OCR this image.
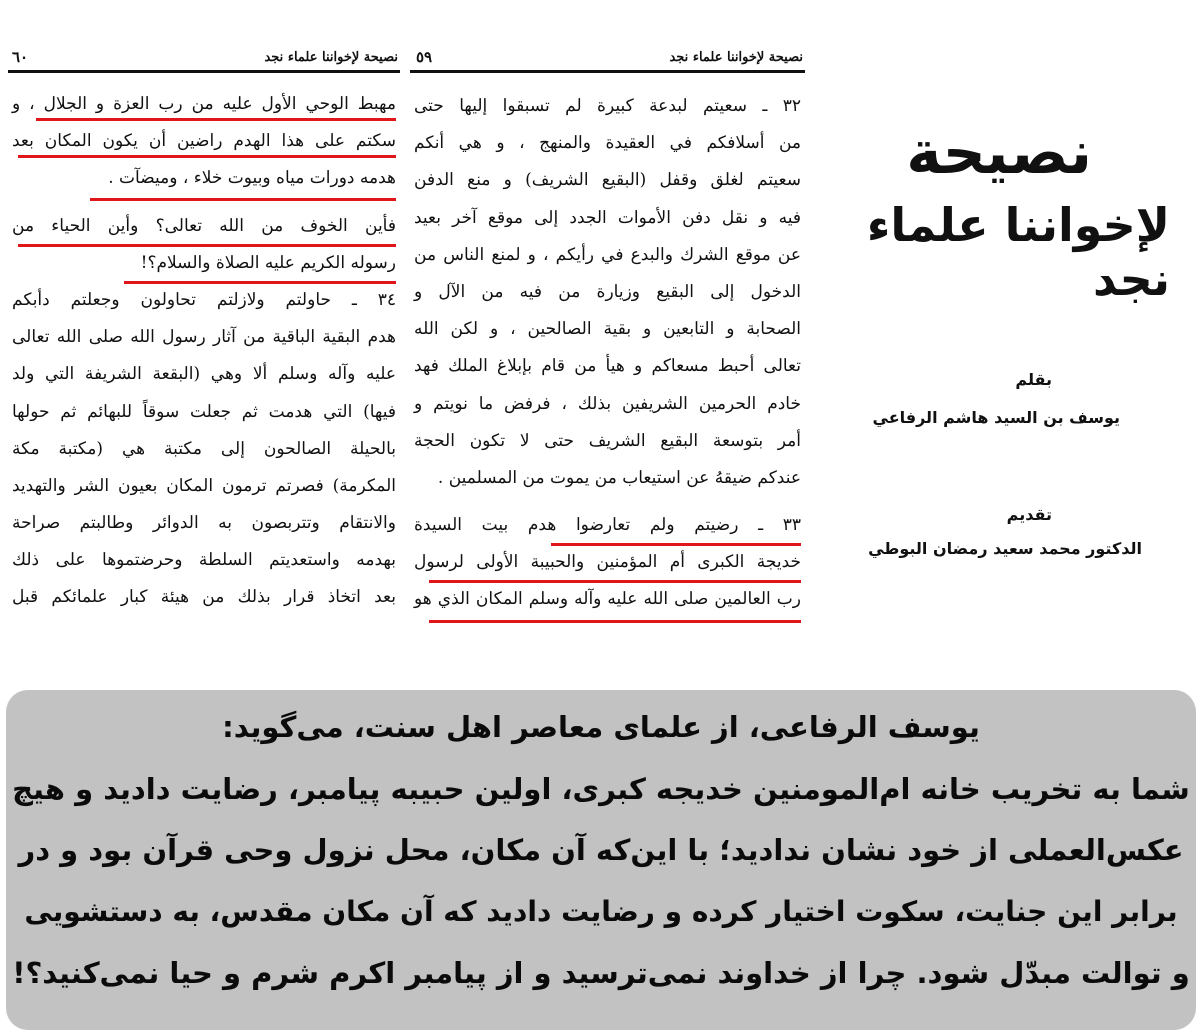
نصيحة لإخواننا علماء نجد
٦٠
مهبط الوحي الأول عليه من رب العزة و الجلال ، و
سكتم على هذا الهدم راضين أن يكون المكان بعد
هدمه دورات مياه وبيوت خلاء ، وميضآت .
فأين الخوف من الله تعالى؟ وأين الحياء من
رسوله الكريم عليه الصلاة والسلام؟!
٣٤ ـ حاولتم ولازلتم تحاولون وجعلتم دأبكم
هدم البقية الباقية من آثار رسول الله صلى الله تعالى
عليه وآله وسلم ألا وهي (البقعة الشريفة التي ولد
فيها) التي هدمت ثم جعلت سوقاً للبهائم ثم حولها
بالحيلة الصالحون إلى مكتبة هي (مكتبة مكة
المكرمة) فصرتم ترمون المكان بعيون الشر والتهديد
والانتقام وتتربصون به الدوائر وطالبتم صراحة
بهدمه واستعديتم السلطة وحرضتموها على ذلك
بعد اتخاذ قرار بذلك من هيئة كبار علمائكم قبل
نصيحة لإخواننا علماء نجد
٥٩
٣٢ ـ سعيتم لبدعة كبيرة لم تسبقوا إليها حتى
من أسلافكم في العقيدة والمنهج ، و هي أنكم
سعيتم لغلق وقفل (البقيع الشريف) و منع الدفن
فيه و نقل دفن الأموات الجدد إلى موقع آخر بعيد
عن موقع الشرك والبدع في رأيكم ، و لمنع الناس من
الدخول إلى البقيع وزيارة من فيه من الآل و
الصحابة و التابعين و بقية الصالحين ، و لكن الله
تعالى أحبط مسعاكم و هيأ من قام بإبلاغ الملك فهد
خادم الحرمين الشريفين بذلك ، فرفض ما نويتم و
أمر بتوسعة البقيع الشريف حتى لا تكون الحجة
عندكم ضيقهُ عن استيعاب من يموت من المسلمين .
٣٣ ـ رضيتم ولم تعارضوا هدم بيت السيدة
خديجة الكبرى أم المؤمنين والحبيبة الأولى لرسول
رب العالمين صلى الله عليه وآله وسلم المكان الذي هو
نصيحة
لإخواننا علماء نجد
بقلم
يوسف بن السيد هاشم الرفاعي
تقديم
الدكتور محمد سعيد رمضان البوطي
یوسف الرفاعی، از علمای معاصر اهل سنت، می‌گوید:
شما به تخریب خانه ام‌المومنین خدیجه کبری، اولین حبیبه پیامبر، رضایت دادید و هیچ
عکس‌العملی از خود نشان ندادید؛ با این‌که آن مکان، محل نزول وحی قرآن بود و در
برابر این جنایت، سکوت اختیار کرده و رضایت دادید که آن مکان مقدس، به دستشویی
و توالت مبدّل شود. چرا از خداوند نمی‌ترسید و از پیامبر اکرم شرم و حیا نمی‌کنید؟!
